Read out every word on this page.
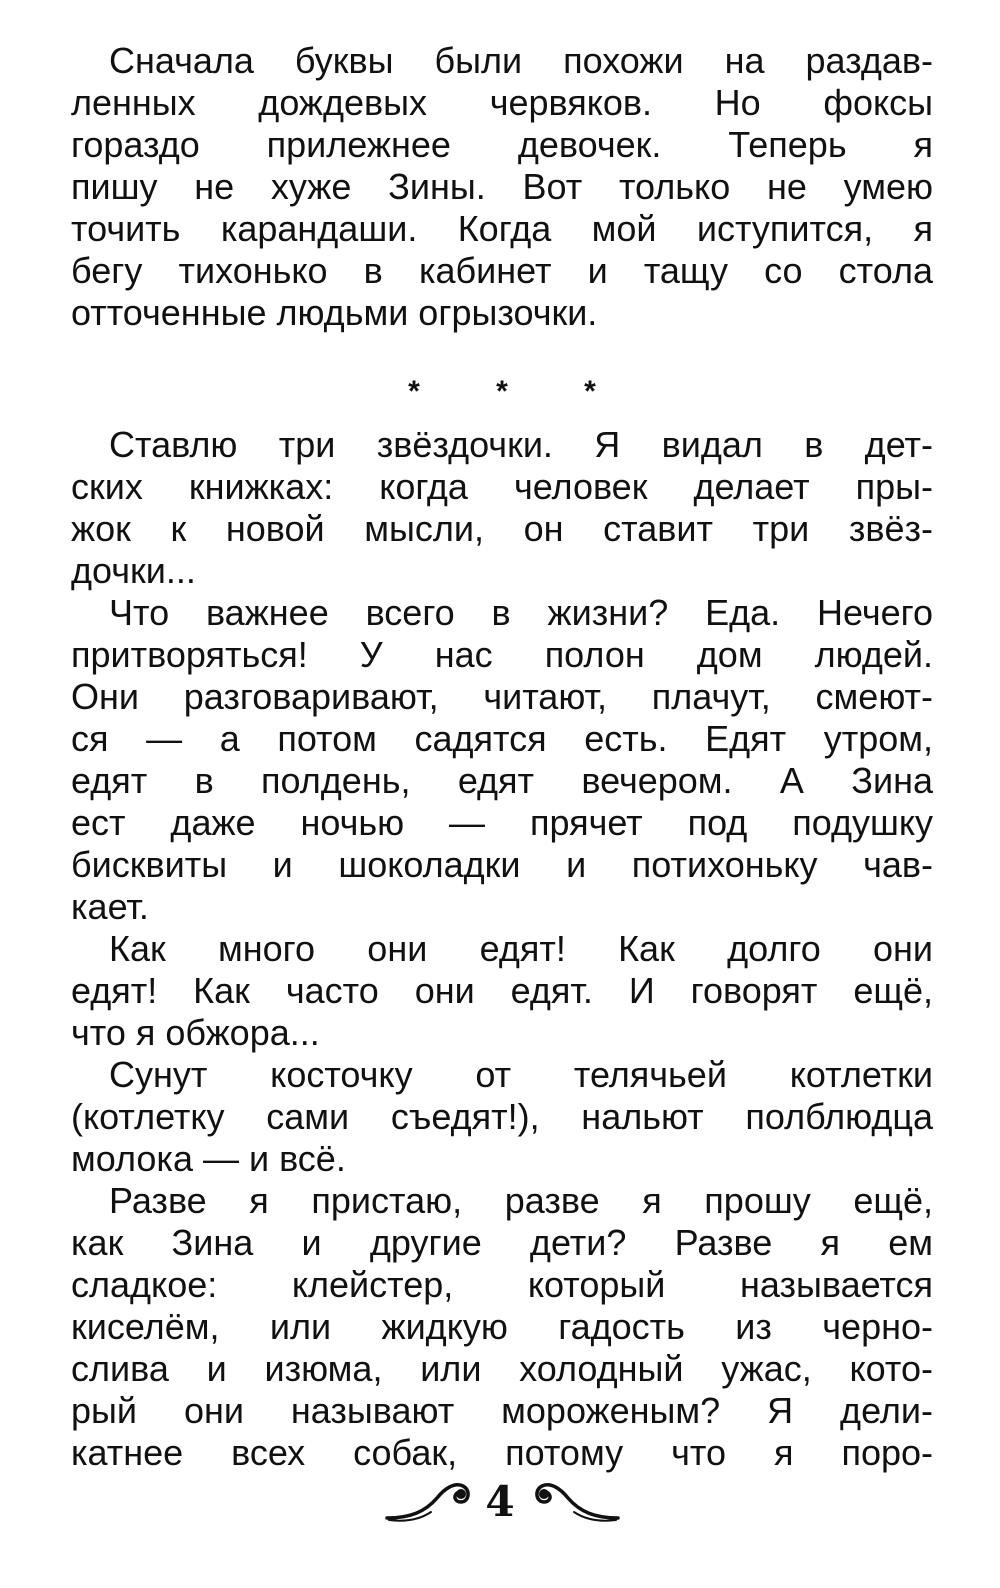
Сначала буквы были похожи на раздав-
ленных дождевых червяков. Но фоксы
гораздо прилежнее девочек. Теперь я
пишу не хуже Зины. Вот только не умею
точить карандаши. Когда мой иступится, я
бегу тихонько в кабинет и тащу со стола
отточенные людьми огрызочки.
* * *
Ставлю три звёздочки. Я видал в дет-
ских книжках: когда человек делает пры-
жок к новой мысли, он ставит три звёз-
дочки...
Что важнее всего в жизни? Еда. Нечего
притворяться! У нас полон дом людей.
Они разговаривают, читают, плачут, смеют-
ся — а потом садятся есть. Едят утром,
едят в полдень, едят вечером. А Зина
ест даже ночью — прячет под подушку
бисквиты и шоколадки и потихоньку чав-
кает.
Как много они едят! Как долго они
едят! Как часто они едят. И говорят ещё,
что я обжора...
Сунут косточку от телячьей котлетки
(котлетку сами съедят!), нальют полблюдца
молока — и всё.
Разве я пристаю, разве я прошу ещё,
как Зина и другие дети? Разве я ем
сладкое: клейстер, который называется
киселём, или жидкую гадость из черно-
слива и изюма, или холодный ужас, кото-
рый они называют мороженым? Я дели-
катнее всех собак, потому что я поро-
4
